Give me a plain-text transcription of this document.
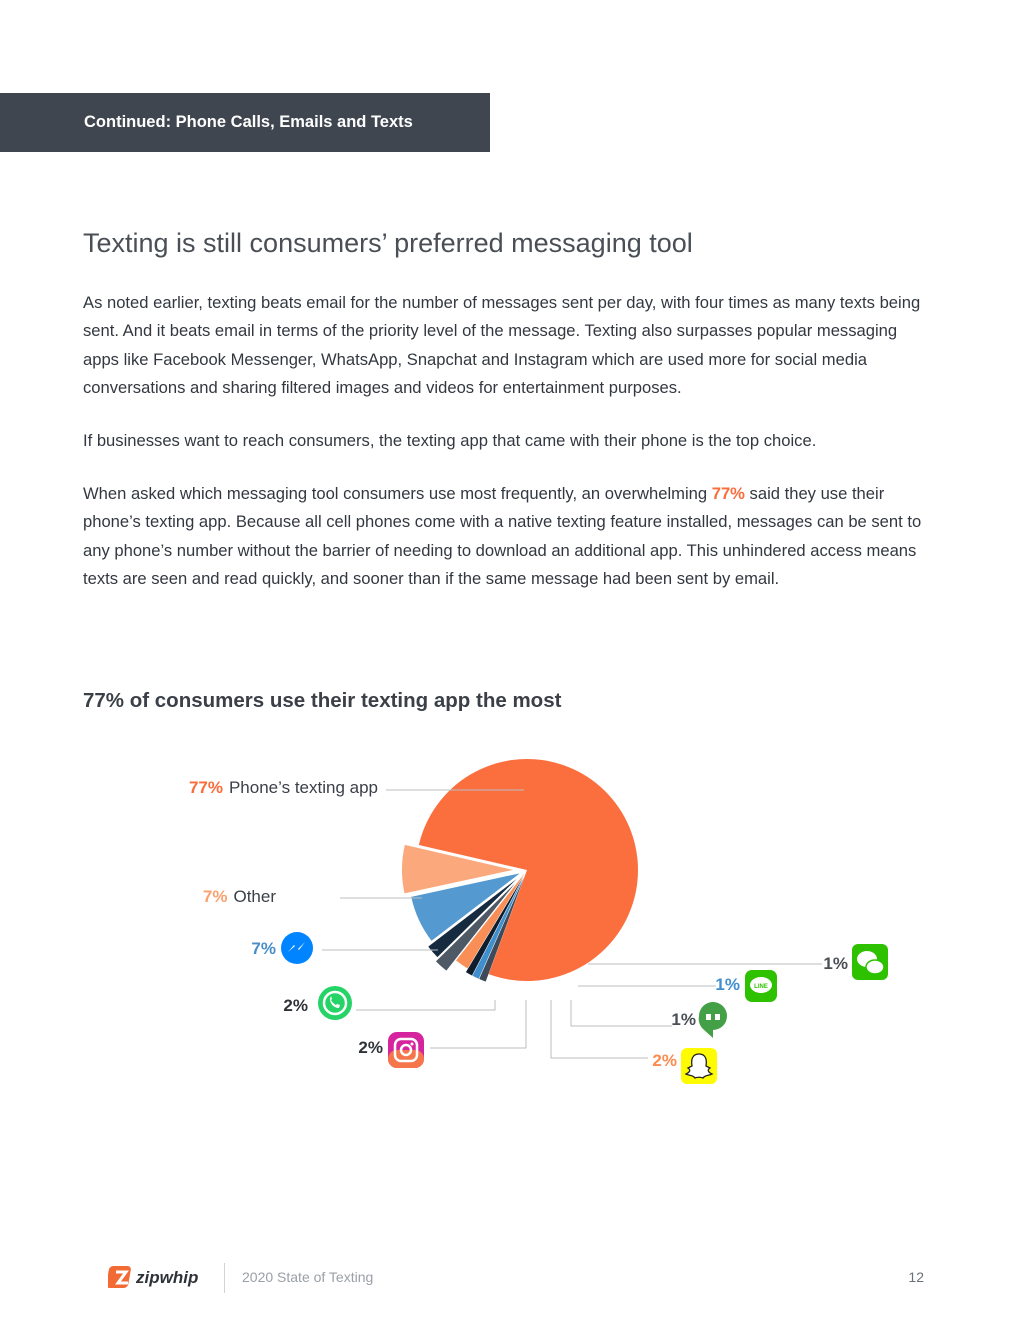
Continued: Phone Calls, Emails and Texts
Texting is still consumers’ preferred messaging tool

As noted earlier, texting beats email for the number of messages sent per day, with four times as many texts being sent. And it beats email in terms of the priority level of the message. Texting also surpasses popular messaging apps like Facebook Messenger, WhatsApp, Snapchat and Instagram which are used more for social media conversations and sharing filtered images and videos for entertainment purposes.

If businesses want to reach consumers, the texting app that came with their phone is the top choice.

When asked which messaging tool consumers use most frequently, an overwhelming 77% said they use their phone’s texting app. Because all cell phones come with a native texting feature installed, messages can be sent to any phone’s number without the barrier of needing to download an additional app. This unhindered access means texts are seen and read quickly, and sooner than if the same message had been sent by email.

77% of consumers use their texting app the most
77% Phone’s texting app
1%
1%
1%
2%
2%
2%
7%
7% Other
LINE
zipwhip	2020 State of Texting	12
